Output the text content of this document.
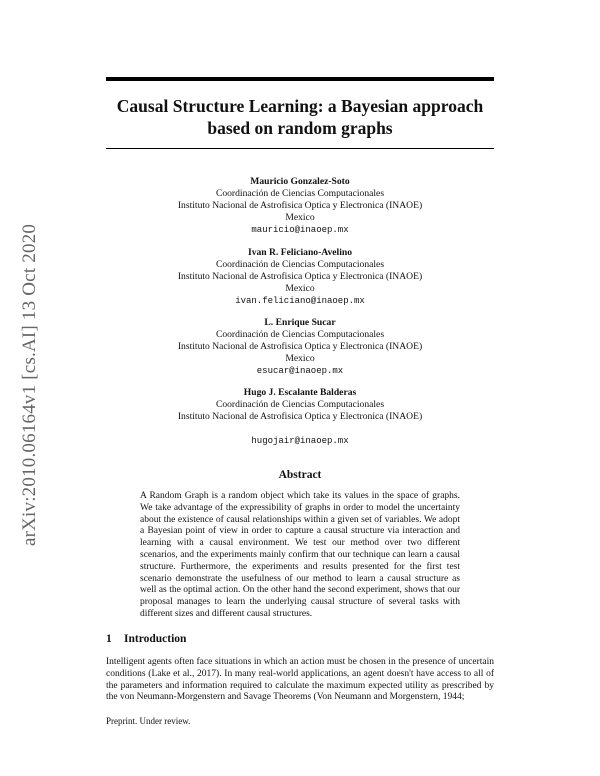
arXiv:2010.06164v1 [cs.AI] 13 Oct 2020
Causal Structure Learning: a Bayesian approach
based on random graphs
Mauricio Gonzalez-Soto
Coordinación de Ciencias Computacionales
Instituto Nacional de Astrofisica Optica y Electronica (INAOE)
Mexico
mauricio@inaoep.mx
Ivan R. Feliciano-Avelino
Coordinación de Ciencias Computacionales
Instituto Nacional de Astrofisica Optica y Electronica (INAOE)
Mexico
ivan.feliciano@inaoep.mx
L. Enrique Sucar
Coordinación de Ciencias Computacionales
Instituto Nacional de Astrofisica Optica y Electronica (INAOE)
Mexico
esucar@inaoep.mx
Hugo J. Escalante Balderas
Coordinación de Ciencias Computacionales
Instituto Nacional de Astrofisica Optica y Electronica (INAOE)
hugojair@inaoep.mx
Abstract
A Random Graph is a random object which take its values in the space of graphs. We take advantage of the expressibility of graphs in order to model the uncertainty about the existence of causal relationships within a given set of variables. We adopt a Bayesian point of view in order to capture a causal structure via interaction and learning with a causal environment. We test our method over two different scenarios, and the experiments mainly confirm that our technique can learn a causal structure. Furthermore, the experiments and results presented for the first test scenario demonstrate the usefulness of our method to learn a causal structure as well as the optimal action. On the other hand the second experiment, shows that our proposal manages to learn the underlying causal structure of several tasks with different sizes and different causal structures.
1 Introduction
Intelligent agents often face situations in which an action must be chosen in the presence of uncertain conditions (Lake et al., 2017). In many real-world applications, an agent doesn't have access to all of the parameters and information required to calculate the maximum expected utility as prescribed by the von Neumann-Morgenstern and Savage Theorems (Von Neumann and Morgenstern, 1944;
Preprint. Under review.
